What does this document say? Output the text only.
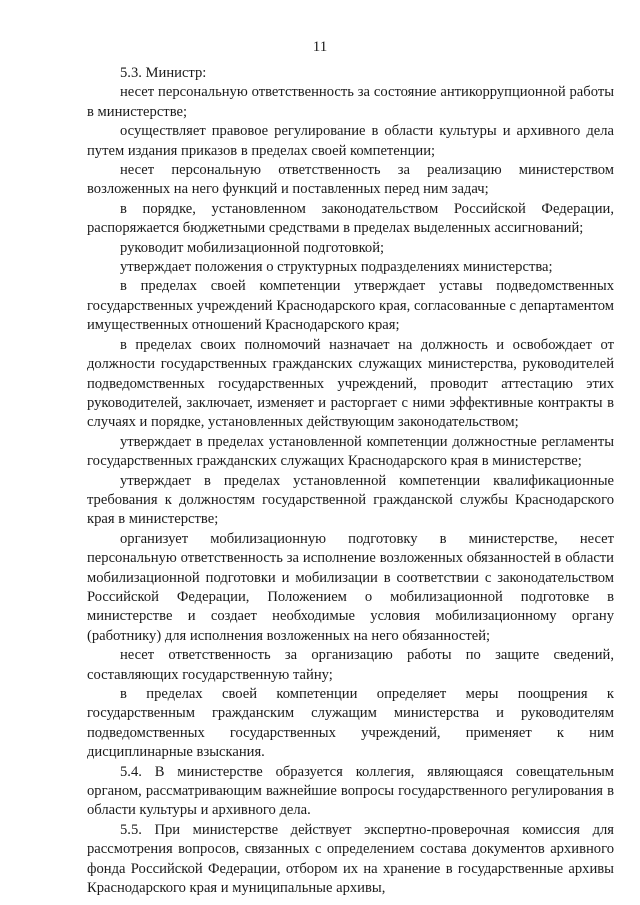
11

5.3. Министр:

несет персональную ответственность за состояние антикоррупционной работы в министерстве;

осуществляет правовое регулирование в области культуры и архивного дела путем издания приказов в пределах своей компетенции;

несет персональную ответственность за реализацию министерством возложенных на него функций и поставленных перед ним задач;

в порядке, установленном законодательством Российской Федерации, распоряжается бюджетными средствами в пределах выделенных ассигнований;

руководит мобилизационной подготовкой;

утверждает положения о структурных подразделениях министерства;

в пределах своей компетенции утверждает уставы подведомственных государственных учреждений Краснодарского края, согласованные с департаментом имущественных отношений Краснодарского края;

в пределах своих полномочий назначает на должность и освобождает от должности государственных гражданских служащих министерства, руководителей подведомственных государственных учреждений, проводит аттестацию этих руководителей, заключает, изменяет и расторгает с ними эффективные контракты в случаях и порядке, установленных действующим законодательством;

утверждает в пределах установленной компетенции должностные регламенты государственных гражданских служащих Краснодарского края в министерстве;

утверждает в пределах установленной компетенции квалификационные требования к должностям государственной гражданской службы Краснодарского края в министерстве;

организует мобилизационную подготовку в министерстве, несет персональную ответственность за исполнение возложенных обязанностей в области мобилизационной подготовки и мобилизации в соответствии с законодательством Российской Федерации, Положением о мобилизационной подготовке в министерстве и создает необходимые условия мобилизационному органу (работнику) для исполнения возложенных на него обязанностей;

несет ответственность за организацию работы по защите сведений, составляющих государственную тайну;

в пределах своей компетенции определяет меры поощрения к государственным гражданским служащим министерства и руководителям подведомственных государственных учреждений, применяет к ним дисциплинарные взыскания.

5.4. В министерстве образуется коллегия, являющаяся совещательным органом, рассматривающим важнейшие вопросы государственного регулирования в области культуры и архивного дела.

5.5. При министерстве действует экспертно-проверочная комиссия для рассмотрения вопросов, связанных с определением состава документов архивного фонда Российской Федерации, отбором их на хранение в государственные архивы Краснодарского края и муниципальные архивы,
